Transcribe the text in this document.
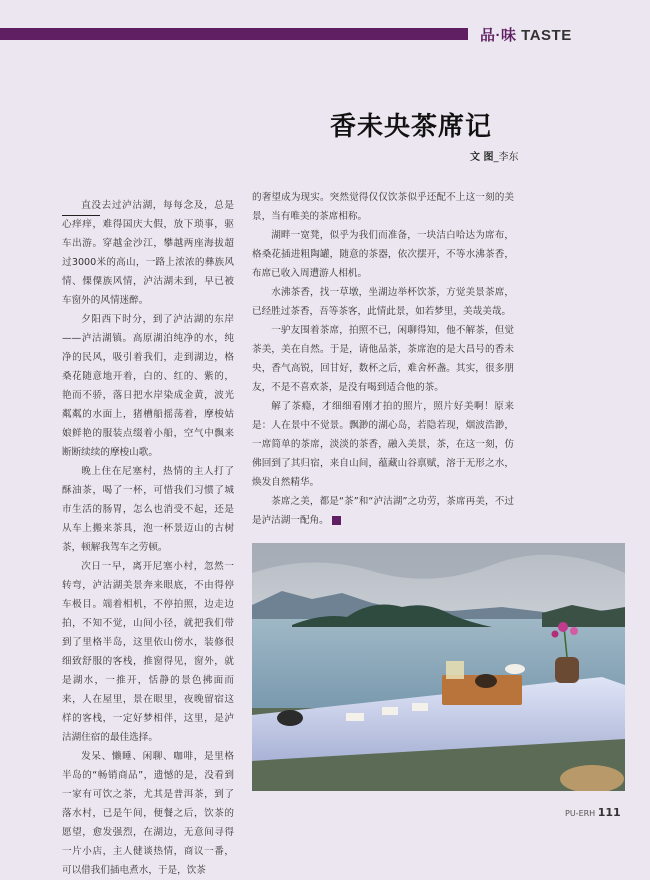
品·味 TASTE
香未央茶席记
文 图_李东

直没去过泸沽湖，每每念及，总是心痒痒，难得国庆大假，放下琐事，驱车出游。穿越金沙江，攀越两座海拔超过3000米的高山，一路上浓浓的彝族风情、傈僳族风情，泸沽湖未到，早已被车窗外的风情迷醉。

夕阳西下时分，到了泸沽湖的东岸——泸沽湖镇。高原湖泊纯净的水，纯净的民风，吸引着我们，走到湖边，格桑花随意地开着，白的、红的、紫的，艳而不骄，落日把水岸染成金黄，波光粼粼的水面上，猪槽船摇荡着，摩梭姑娘鲜艳的服装点缀着小船，空气中飘来断断续续的摩梭山歌。

晚上住在尼塞村，热情的主人打了酥油茶，喝了一杯，可惜我们习惯了城市生活的肠胃，怎么也消受不起，还是从车上搬来茶具，泡一杯景迈山的古树茶，顿解我驾车之劳顿。

次日一早，离开尼塞小村，忽然一转弯，泸沽湖美景奔来眼底，不由得停车极目。端着相机，不停拍照，边走边拍，不知不觉，山间小径，就把我们带到了里格半岛，这里依山傍水，装修很细致舒服的客栈，推窗得见，窗外，就是湖水，一推开，恬静的景色拂面而来，人在屋里，景在眼里，夜晚留宿这样的客栈，一定好梦相伴，这里，是泸沽湖住宿的最佳选择。

发呆、懒睡、闲聊、咖啡，是里格半岛的“畅销商品”，遗憾的是，没看到一家有可饮之茶，尤其是普洱茶，到了落水村，已是午间，便餐之后，饮茶的愿望，愈发强烈，在湖边，无意间寻得一片小店，主人健谈热情，商议一番，可以借我们插电煮水，于是，饮茶

的奢望成为现实。突然觉得仅仅饮茶似乎还配不上这一刻的美景，当有唯美的茶席相称。

湖畔一宽凳，似乎为我们而准备，一块洁白哈达为席布，格桑花插进粗陶罐，随意的茶器，依次摆开，不等水沸茶香，布席已收入周遭游人相机。

水沸茶香，找一草墩，坐湖边举杯饮茶，方觉美景茶席，已经胜过茶香，吾等茶客，此情此景，如若梦里，美哉美哉。

一驴友围着茶席，拍照不已，闲聊得知，他不解茶，但觉茶美，美在自然。于是，请他品茶，茶席泡的是大昌号的香未央，香气高锐，回甘好，数杯之后，难舍杯盏。其实，很多朋友，不是不喜欢茶，是没有喝到适合他的茶。

解了茶瘾，才细细看刚才拍的照片，照片好美啊！原来是：人在景中不觉景。飘渺的湖心岛，若隐若现，烟波浩渺，一席简单的茶席，淡淡的茶香，融入美景，茶，在这一刻，仿佛回到了其归宿，来自山间，蕴藏山谷禀赋，溶于无形之水，焕发自然精华。

茶席之美，都是“茶”和“泸沽湖”之功劳，茶席再美，不过是泸沽湖一配角。

PU-ERH 111
